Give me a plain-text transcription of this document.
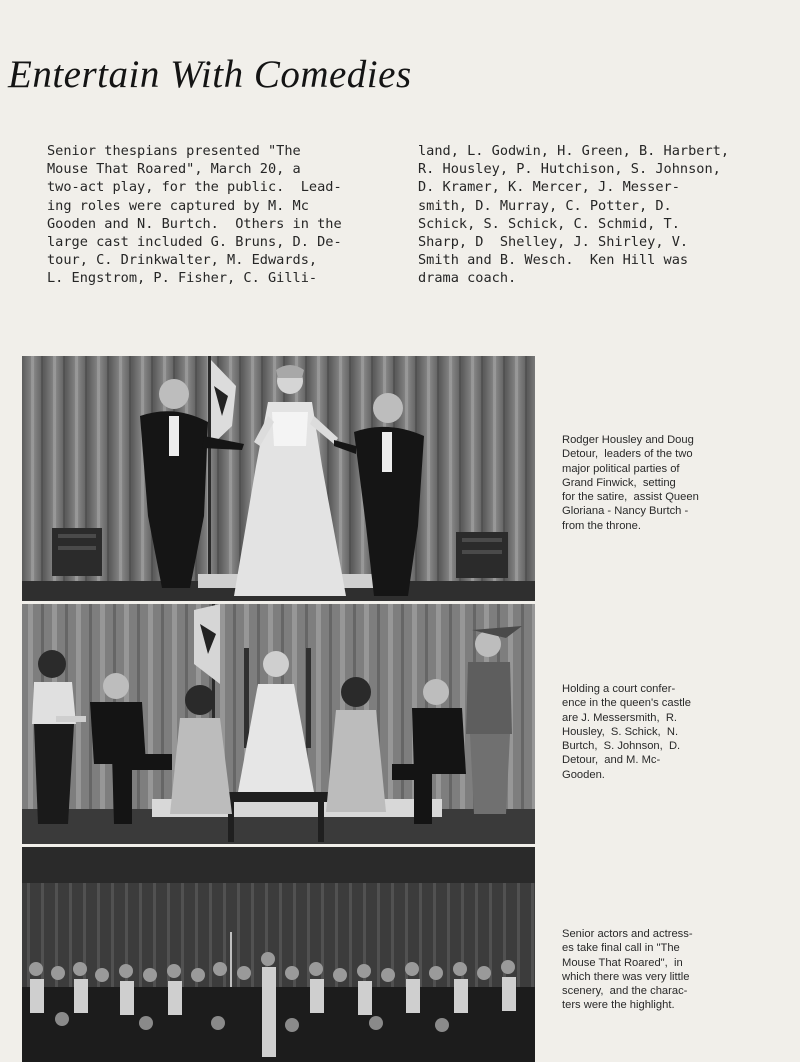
Entertain With Comedies
Senior thespians presented "The
Mouse That Roared", March 20, a
two-act play, for the public.  Lead-
ing roles were captured by M. Mc
Gooden and N. Burtch.  Others in the
large cast included G. Bruns, D. De-
tour, C. Drinkwalter, M. Edwards,
L. Engstrom, P. Fisher, C. Gilli-
land, L. Godwin, H. Green, B. Harbert,
R. Housley, P. Hutchison, S. Johnson,
D. Kramer, K. Mercer, J. Messer-
smith, D. Murray, C. Potter, D.
Schick, S. Schick, C. Schmid, T.
Sharp, D  Shelley, J. Shirley, V.
Smith and B. Wesch.  Ken Hill was
drama coach.
Rodger Housley and Doug
Detour,  leaders of the two
major political parties of
Grand Finwick,  setting
for the satire,  assist Queen
Gloriana - Nancy Burtch -
from the throne.
Holding a court confer-
ence in the queen's castle
are J. Messersmith,  R.
Housley,  S. Schick,  N.
Burtch,  S. Johnson,  D.
Detour,  and M. Mc-
Gooden.
Senior actors and actress-
es take final call in "The
Mouse That Roared",  in
which there was very little
scenery,  and the charac-
ters were the highlight.
